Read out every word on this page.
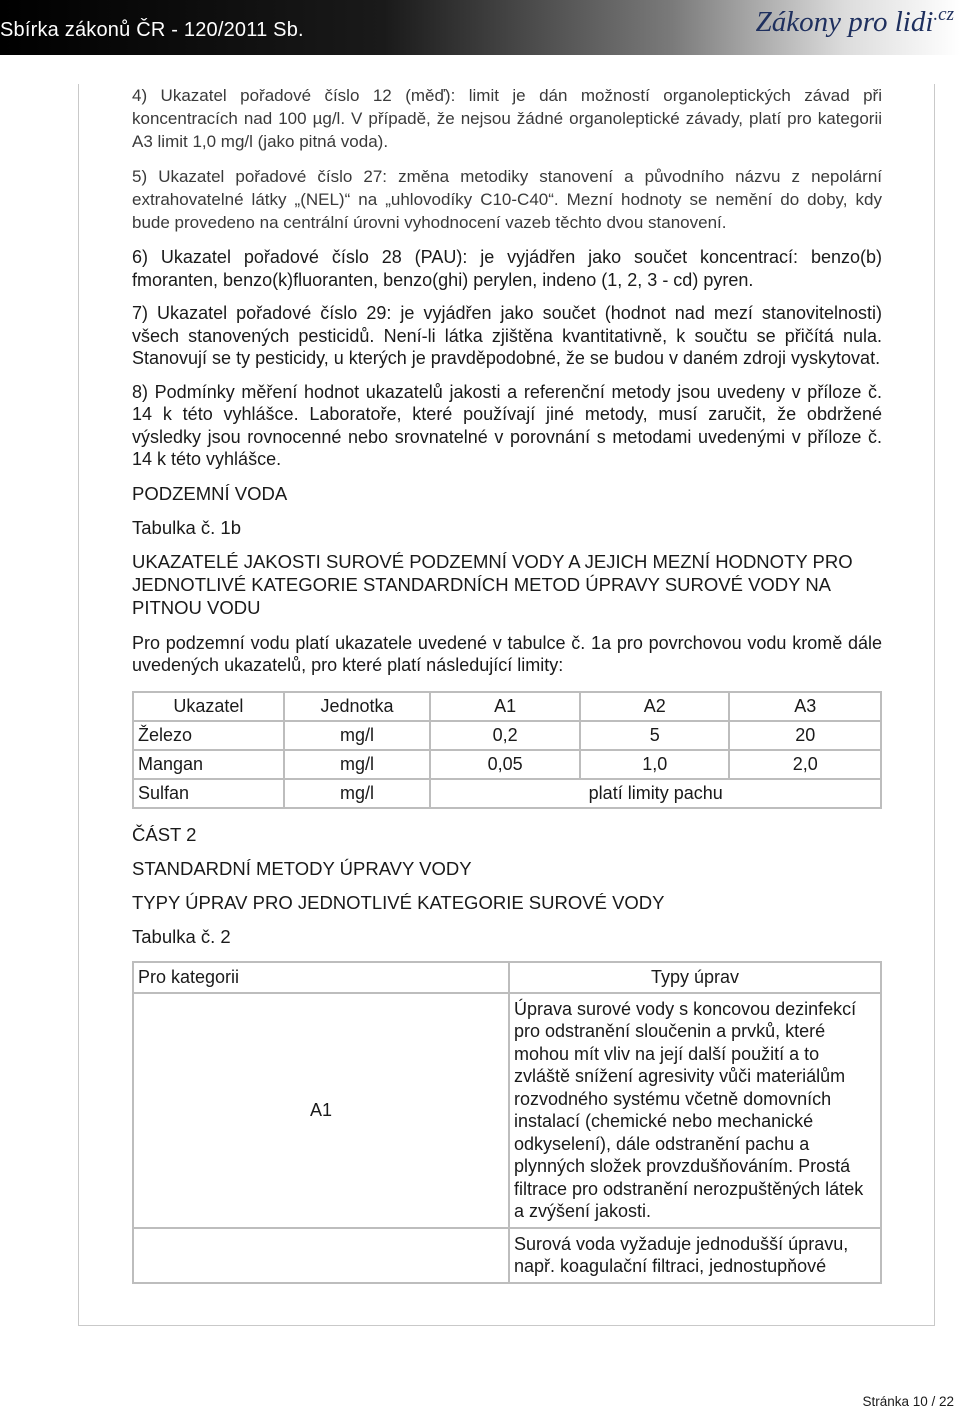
Sbírka zákonů ČR - 120/2011 Sb.	Zákony pro lidi$^{.cz}$

4) Ukazatel pořadové číslo 12 (měď): limit je dán možností organoleptických závad při koncentracích nad 100 µg/l. V případě, že nejsou žádné organoleptické závady, platí pro kategorii A3 limit 1,0 mg/l (jako pitná voda).

5) Ukazatel pořadové číslo 27: změna metodiky stanovení a původního názvu z nepolární extrahovatelné látky „(NEL)“ na „uhlovodíky C10-C40“. Mezní hodnoty se nemění do doby, kdy bude provedeno na centrální úrovni vyhodnocení vazeb těchto dvou stanovení.

6) Ukazatel pořadové číslo 28 (PAU): je vyjádřen jako součet koncentrací: benzo(b) fmoranten, benzo(k)fluoranten, benzo(ghi) perylen, indeno (1, 2, 3 - cd) pyren.

7) Ukazatel pořadové číslo 29: je vyjádřen jako součet (hodnot nad mezí stanovitelnosti) všech stanovených pesticidů. Není-li látka zjištěna kvantitativně, k součtu se přičítá nula. Stanovují se ty pesticidy, u kterých je pravděpodobné, že se budou v daném zdroji vyskytovat.

8) Podmínky měření hodnot ukazatelů jakosti a referenční metody jsou uvedeny v příloze č. 14 k této vyhlášce. Laboratoře, které používají jiné metody, musí zaručit, že obdržené výsledky jsou rovnocenné nebo srovnatelné v porovnání s metodami uvedenými v příloze č. 14 k této vyhlášce.

PODZEMNÍ VODA

Tabulka č. 1b

UKAZATELÉ JAKOSTI SUROVÉ PODZEMNÍ VODY A JEJICH MEZNÍ HODNOTY PRO JEDNOTLIVÉ KATEGORIE STANDARDNÍCH METOD ÚPRAVY SUROVÉ VODY NA PITNOU VODU

Pro podzemní vodu platí ukazatele uvedené v tabulce č. 1a pro povrchovou vodu kromě dále uvedených ukazatelů, pro které platí následující limity:

Ukazatel	Jednotka	A1	A2	A3
Železo	mg/l	0,2	5	20
Mangan	mg/l	0,05	1,0	2,0
Sulfan	mg/l	platí limity pachu		

ČÁST 2

STANDARDNÍ METODY ÚPRAVY VODY

TYPY ÚPRAV PRO JEDNOTLIVÉ KATEGORIE SUROVÉ VODY

Tabulka č. 2

Pro kategorii	Typy úprav
A1	Úprava surové vody s koncovou dezinfekcí pro odstranění sloučenin a prvků, které mohou mít vliv na její další použití a to zvláště snížení agresivity vůči materiálům rozvodného systému včetně domovních instalací (chemické nebo mechanické odkyselení), dále odstranění pachu a plynných složek provzdušňováním. Prostá filtrace pro odstranění nerozpuštěných látek a zvýšení jakosti.
	Surová voda vyžaduje jednodušší úpravu, např. koagulační filtraci, jednostupňové
Stránka 10 / 22
